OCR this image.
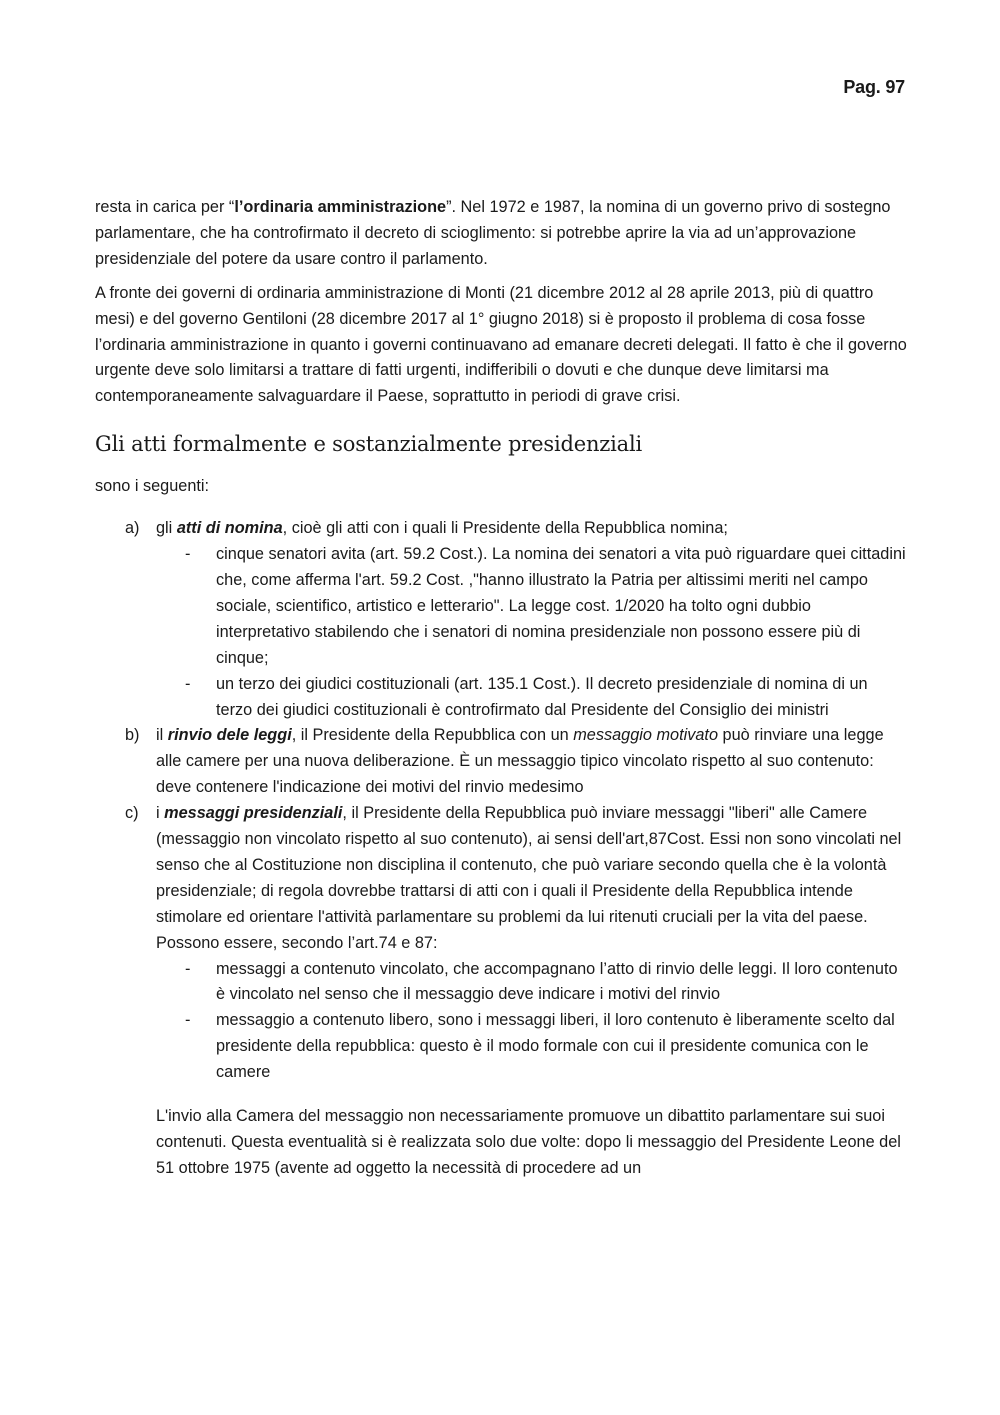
Pag. 97

resta in carica per “l’ordinaria amministrazione”. Nel 1972 e 1987, la nomina di un governo privo di sostegno parlamentare, che ha controfirmato il decreto di scioglimento: si potrebbe aprire la via ad un’approvazione presidenziale del potere da usare contro il parlamento.

A fronte dei governi di ordinaria amministrazione di Monti (21 dicembre 2012 al 28 aprile 2013, più di quattro mesi) e del governo Gentiloni (28 dicembre 2017 al 1° giugno 2018) si è proposto il problema di cosa fosse l’ordinaria amministrazione in quanto i governi continuavano ad emanare decreti delegati. Il fatto è che il governo urgente deve solo limitarsi a trattare di fatti urgenti, indifferibili o dovuti e che dunque deve limitarsi ma contemporaneamente salvaguardare il Paese, soprattutto in periodi di grave crisi.

Gli atti formalmente e sostanzialmente presidenziali

sono i seguenti:

a) gli atti di nomina, cioè gli atti con i quali li Presidente della Repubblica nomina;
- cinque senatori avita (art. 59.2 Cost.). La nomina dei senatori a vita può riguardare quei cittadini che, come afferma l'art. 59.2 Cost. ,"hanno illustrato la Patria per altissimi meriti nel campo sociale, scientifico, artistico e letterario". La legge cost. 1/2020 ha tolto ogni dubbio interpretativo stabilendo che i senatori di nomina presidenziale non possono essere più di cinque;
- un terzo dei giudici costituzionali (art. 135.1 Cost.). Il decreto presidenziale di nomina di un terzo dei giudici costituzionali è controfirmato dal Presidente del Consiglio dei ministri
b) il rinvio dele leggi, il Presidente della Repubblica con un messaggio motivato può rinviare una legge alle camere per una nuova deliberazione. È un messaggio tipico vincolato rispetto al suo contenuto: deve contenere l'indicazione dei motivi del rinvio medesimo
c) i messaggi presidenziali, il Presidente della Repubblica può inviare messaggi "liberi" alle Camere (messaggio non vincolato rispetto al suo contenuto), ai sensi dell'art,87Cost. Essi non sono vincolati nel senso che al Costituzione non disciplina il contenuto, che può variare secondo quella che è la volontà presidenziale; di regola dovrebbe trattarsi di atti con i quali il Presidente della Repubblica intende stimolare ed orientare l'attività parlamentare su problemi da lui ritenuti cruciali per la vita del paese. Possono essere, secondo l’art.74 e 87:
- messaggi a contenuto vincolato, che accompagnano l’atto di rinvio delle leggi. Il loro contenuto è vincolato nel senso che il messaggio deve indicare i motivi del rinvio
- messaggio a contenuto libero, sono i messaggi liberi, il loro contenuto è liberamente scelto dal presidente della repubblica: questo è il modo formale con cui il presidente comunica con le camere

L'invio alla Camera del messaggio non necessariamente promuove un dibattito parlamentare sui suoi contenuti. Questa eventualità si è realizzata solo due volte: dopo li messaggio del Presidente Leone del 51 ottobre 1975 (avente ad oggetto la necessità di procedere ad un
